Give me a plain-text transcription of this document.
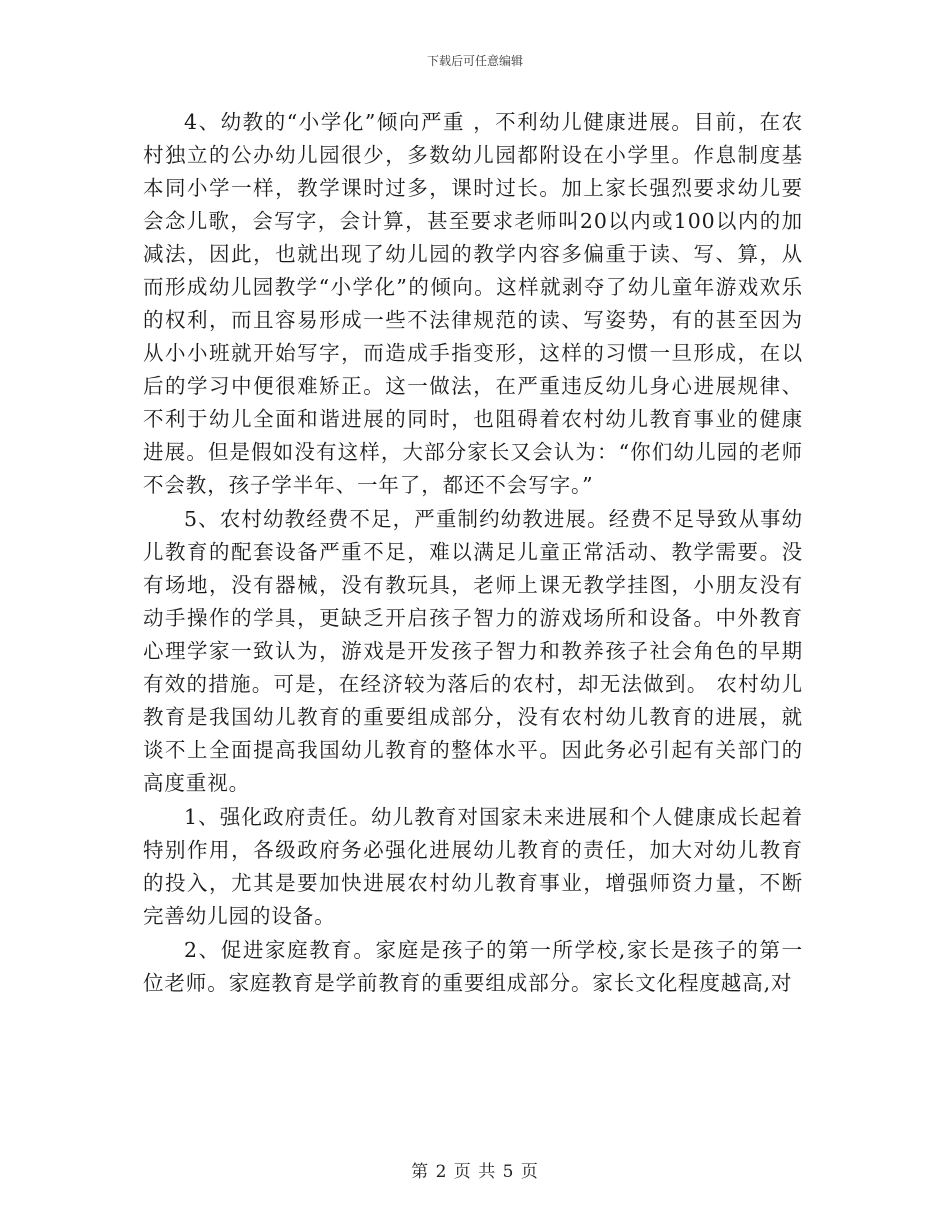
下载后可任意编辑

4、幼教的“小学化”倾向严重 ，不利幼儿健康进展。目前，在农村独立的公办幼儿园很少，多数幼儿园都附设在小学里。作息制度基本同小学一样，教学课时过多，课时过长。加上家长强烈要求幼儿要会念儿歌，会写字，会计算，甚至要求老师叫20以内或100以内的加减法，因此，也就出现了幼儿园的教学内容多偏重于读、写、算，从而形成幼儿园教学“小学化”的倾向。这样就剥夺了幼儿童年游戏欢乐的权利，而且容易形成一些不法律规范的读、写姿势，有的甚至因为从小小班就开始写字，而造成手指变形，这样的习惯一旦形成，在以后的学习中便很难矫正。这一做法，在严重违反幼儿身心进展规律、不利于幼儿全面和谐进展的同时，也阻碍着农村幼儿教育事业的健康进展。但是假如没有这样，大部分家长又会认为：“你们幼儿园的老师不会教，孩子学半年、一年了，都还不会写字。”

5、农村幼教经费不足，严重制约幼教进展。经费不足导致从事幼儿教育的配套设备严重不足，难以满足儿童正常活动、教学需要。没有场地，没有器械，没有教玩具，老师上课无教学挂图，小朋友没有动手操作的学具，更缺乏开启孩子智力的游戏场所和设备。中外教育心理学家一致认为，游戏是开发孩子智力和教养孩子社会角色的早期有效的措施。可是，在经济较为落后的农村，却无法做到。 农村幼儿教育是我国幼儿教育的重要组成部分，没有农村幼儿教育的进展，就谈不上全面提高我国幼儿教育的整体水平。因此务必引起有关部门的高度重视。

1、强化政府责任。幼儿教育对国家未来进展和个人健康成长起着特别作用，各级政府务必强化进展幼儿教育的责任，加大对幼儿教育的投入，尤其是要加快进展农村幼儿教育事业，增强师资力量，不断完善幼儿园的设备。

2、促进家庭教育。家庭是孩子的第一所学校,家长是孩子的第一位老师。家庭教育是学前教育的重要组成部分。家长文化程度越高,对

第 2 页 共 5 页
